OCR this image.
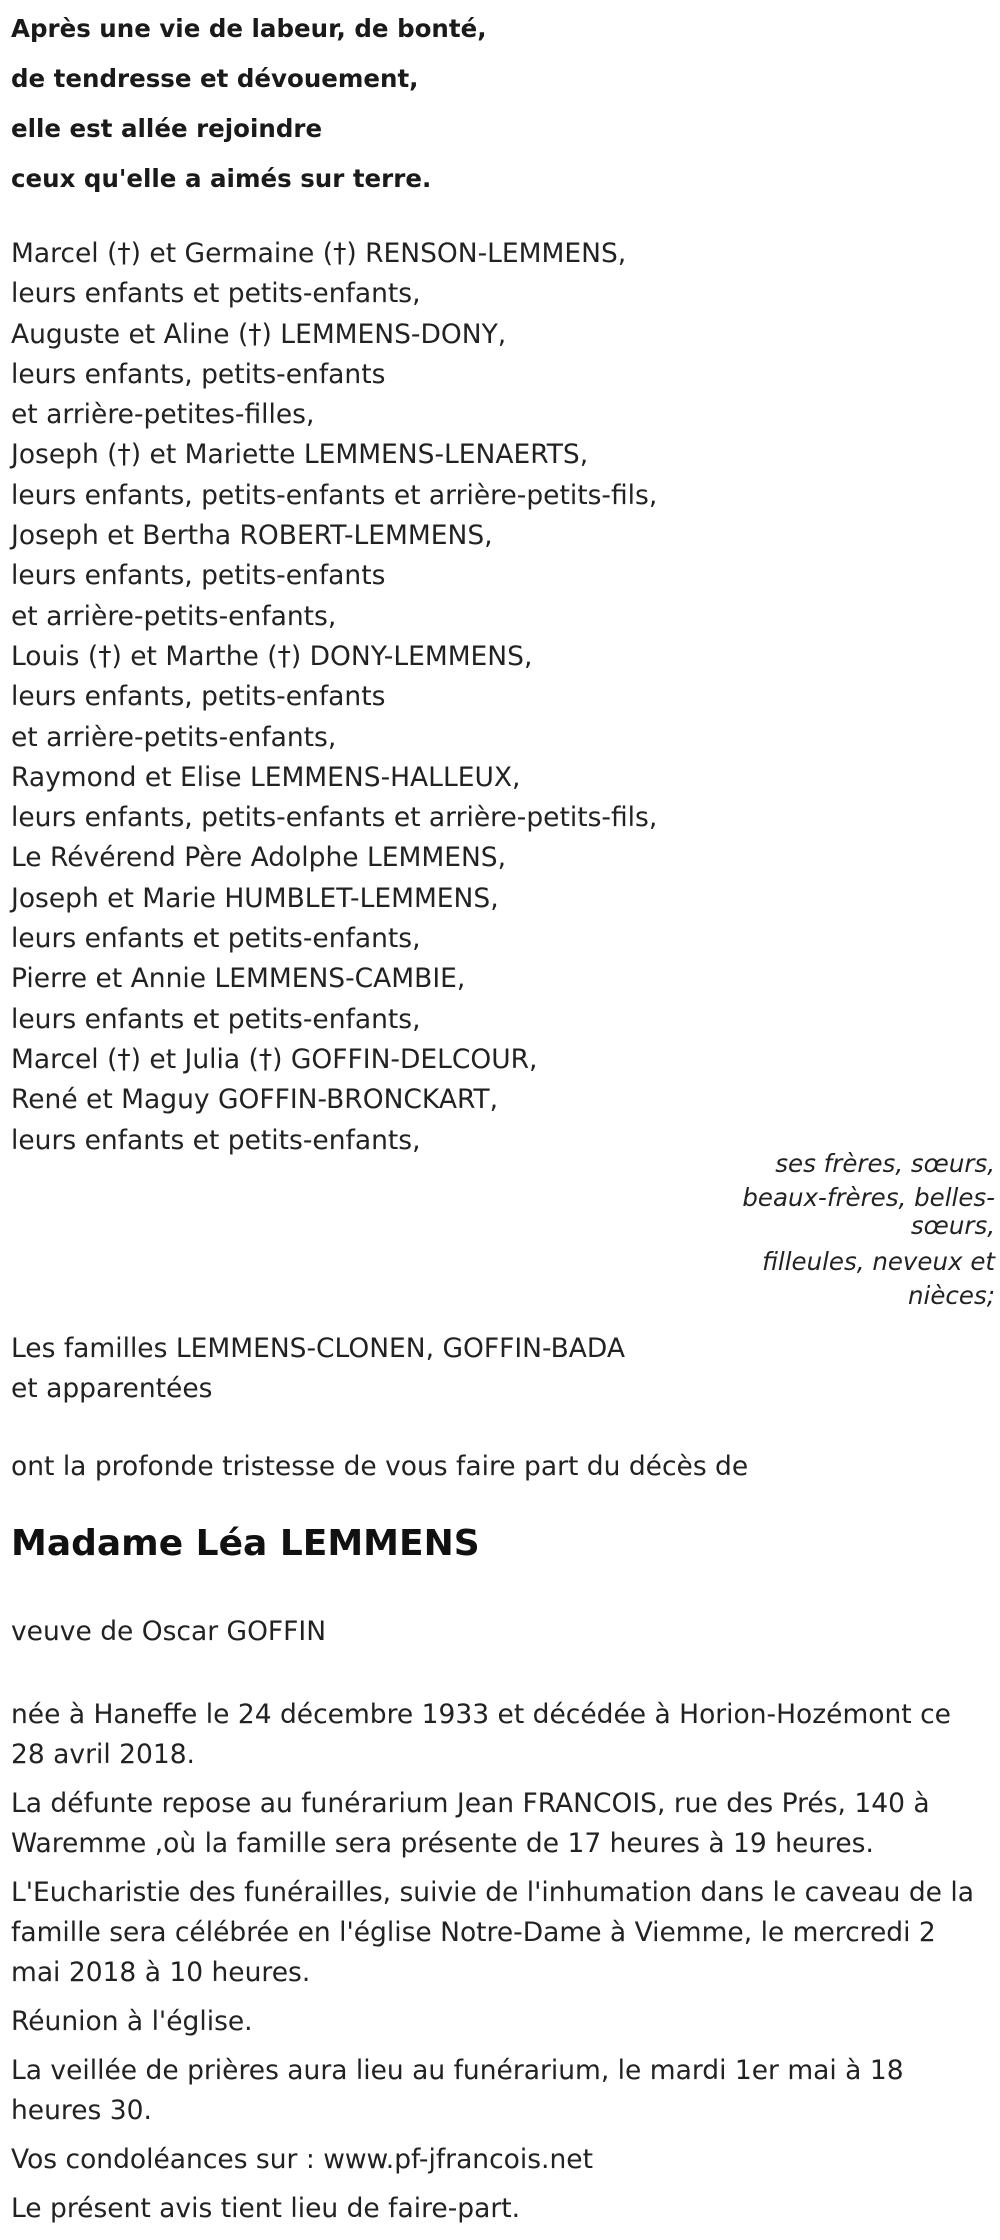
Après une vie de labeur, de bonté,
de tendresse et dévouement,
elle est allée rejoindre
ceux qu'elle a aimés sur terre.
Marcel (†) et Germaine (†) RENSON-LEMMENS,
leurs enfants et petits-enfants,
Auguste et Aline (†) LEMMENS-DONY,
leurs enfants, petits-enfants
et arrière-petites-filles,
Joseph (†) et Mariette LEMMENS-LENAERTS,
leurs enfants, petits-enfants et arrière-petits-fils,
Joseph et Bertha ROBERT-LEMMENS,
leurs enfants, petits-enfants
et arrière-petits-enfants,
Louis (†) et Marthe (†) DONY-LEMMENS,
leurs enfants, petits-enfants
et arrière-petits-enfants,
Raymond et Elise LEMMENS-HALLEUX,
leurs enfants, petits-enfants et arrière-petits-fils,
Le Révérend Père Adolphe LEMMENS,
Joseph et Marie HUMBLET-LEMMENS,
leurs enfants et petits-enfants,
Pierre et Annie LEMMENS-CAMBIE,
leurs enfants et petits-enfants,
Marcel (†) et Julia (†) GOFFIN-DELCOUR,
René et Maguy GOFFIN-BRONCKART,
leurs enfants et petits-enfants,
ses frères, sœurs,
beaux-frères, belles-
sœurs,
filleules, neveux et
nièces;
Les familles LEMMENS-CLONEN, GOFFIN-BADA
et apparentées
ont la profonde tristesse de vous faire part du décès de
Madame Léa LEMMENS
veuve de Oscar GOFFIN
née à Haneffe le 24 décembre 1933 et décédée à Horion-Hozémont ce 28 avril 2018.
La défunte repose au funérarium Jean FRANCOIS, rue des Prés, 140 à Waremme ,où la famille sera présente de 17 heures à 19 heures.
L'Eucharistie des funérailles, suivie de l'inhumation dans le caveau de la famille sera célébrée en l'église Notre-Dame à Viemme, le mercredi 2 mai 2018 à 10 heures.
Réunion à l'église.
La veillée de prières aura lieu au funérarium, le mardi 1er mai à 18 heures 30.
Vos condoléances sur : www.pf-jfrancois.net
Le présent avis tient lieu de faire-part.
